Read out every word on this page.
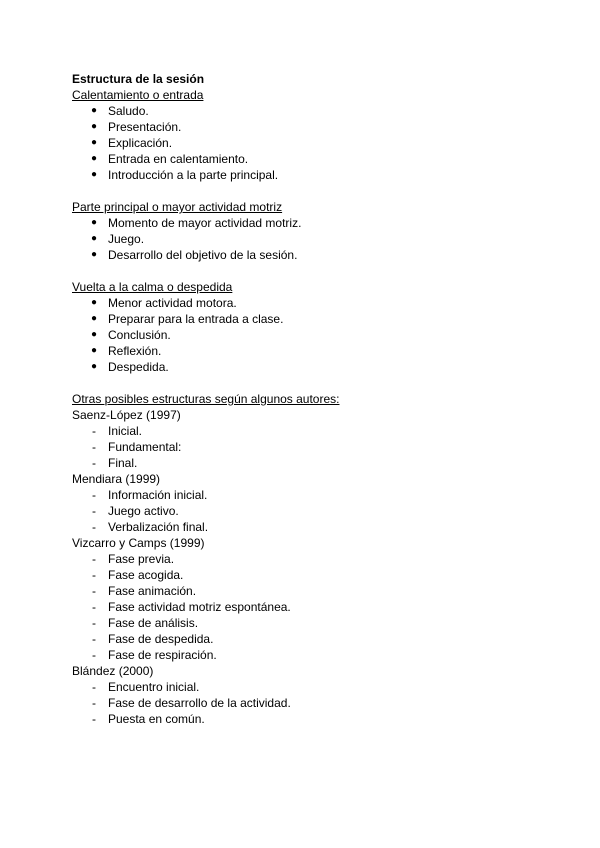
Estructura de la sesión
Calentamiento o entrada
● Saludo.
● Presentación.
● Explicación.
● Entrada en calentamiento.
● Introducción a la parte principal.
Parte principal o mayor actividad motriz
● Momento de mayor actividad motriz.
● Juego.
● Desarrollo del objetivo de la sesión.
Vuelta a la calma o despedida
● Menor actividad motora.
● Preparar para la entrada a clase.
● Conclusión.
● Reflexión.
● Despedida.
Otras posibles estructuras según algunos autores:
Saenz-López (1997)
- Inicial.
- Fundamental:
- Final.
Mendiara (1999)
- Información inicial.
- Juego activo.
- Verbalización final.
Vizcarro y Camps (1999)
- Fase previa.
- Fase acogida.
- Fase animación.
- Fase actividad motriz espontánea.
- Fase de análisis.
- Fase de despedida.
- Fase de respiración.
Blández (2000)
- Encuentro inicial.
- Fase de desarrollo de la actividad.
- Puesta en común.
